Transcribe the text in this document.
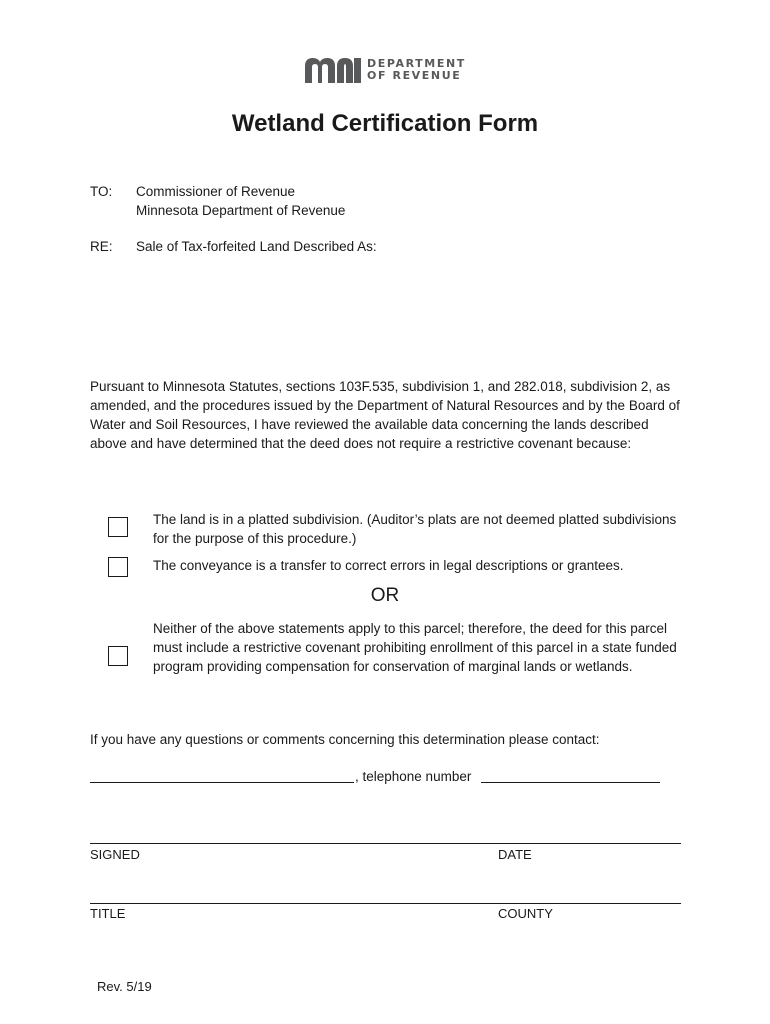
DEPARTMENT
OF REVENUE
Wetland Certification Form
TO: Commissioner of Revenue
Minnesota Department of Revenue
RE: Sale of Tax-forfeited Land Described As:
Pursuant to Minnesota Statutes, sections 103F.535, subdivision 1, and 282.018, subdivision 2, as amended, and the procedures issued by the Department of Natural Resources and by the Board of Water and Soil Resources, I have reviewed the available data concerning the lands described above and have determined that the deed does not require a restrictive covenant because:
The land is in a platted subdivision. (Auditor’s plats are not deemed platted subdivisions for the purpose of this procedure.)
The conveyance is a transfer to correct errors in legal descriptions or grantees.
OR
Neither of the above statements apply to this parcel; therefore, the deed for this parcel must include a restrictive covenant prohibiting enrollment of this parcel in a state funded program providing compensation for conservation of marginal lands or wetlands.
If you have any questions or comments concerning this determination please contact:
, telephone number
SIGNED	DATE
TITLE	COUNTY
Rev. 5/19
